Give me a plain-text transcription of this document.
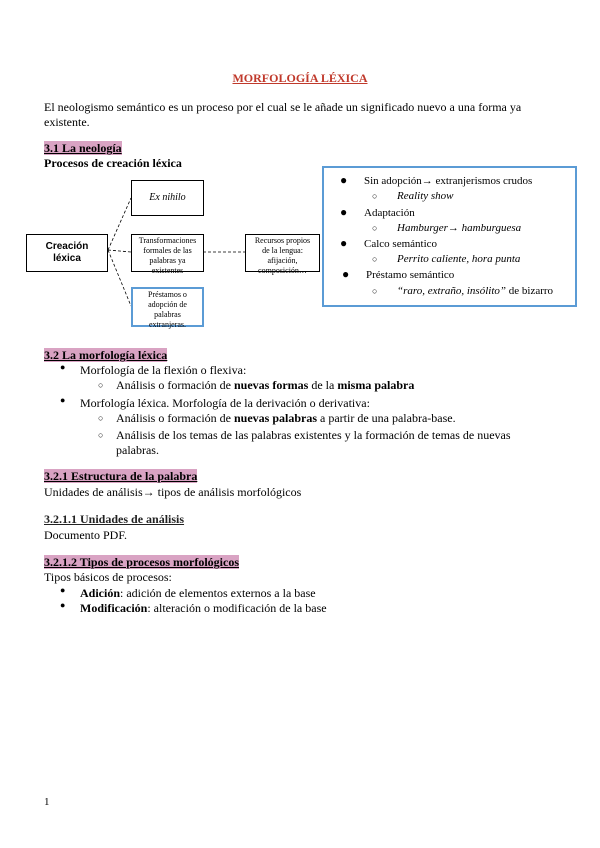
MORFOLOGÍA LÉXICA
El neologismo semántico es un proceso por el cual se le añade un significado nuevo a una forma ya
existente.
3.1 La neología
Procesos de creación léxica
Creación
léxica
Ex nihilo
Transformaciones
formales de las
palabras ya
existentes
Préstamos o
adopción de
palabras
extranjeras.
Recursos propios
de la lengua:
afijación,
composición…
● Sin adopción→ extranjerismos crudos
○ Reality show
● Adaptación
○ Hamburger→ hamburguesa
● Calco semántico
○ Perrito caliente, hora punta
● Préstamo semántico
○ “raro, extraño, insólito” de bizarro
3.2 La morfología léxica
● Morfología de la flexión o flexiva:
○ Análisis o formación de nuevas formas de la misma palabra
● Morfología léxica. Morfología de la derivación o derivativa:
○ Análisis o formación de nuevas palabras a partir de una palabra-base.
○ Análisis de los temas de las palabras existentes y la formación de temas de nuevas
palabras.
3.2.1 Estructura de la palabra
Unidades de análisis→ tipos de análisis morfológicos
3.2.1.1 Unidades de análisis
Documento PDF.
3.2.1.2 Tipos de procesos morfológicos
Tipos básicos de procesos:
● Adición: adición de elementos externos a la base
● Modificación: alteración o modificación de la base
1
